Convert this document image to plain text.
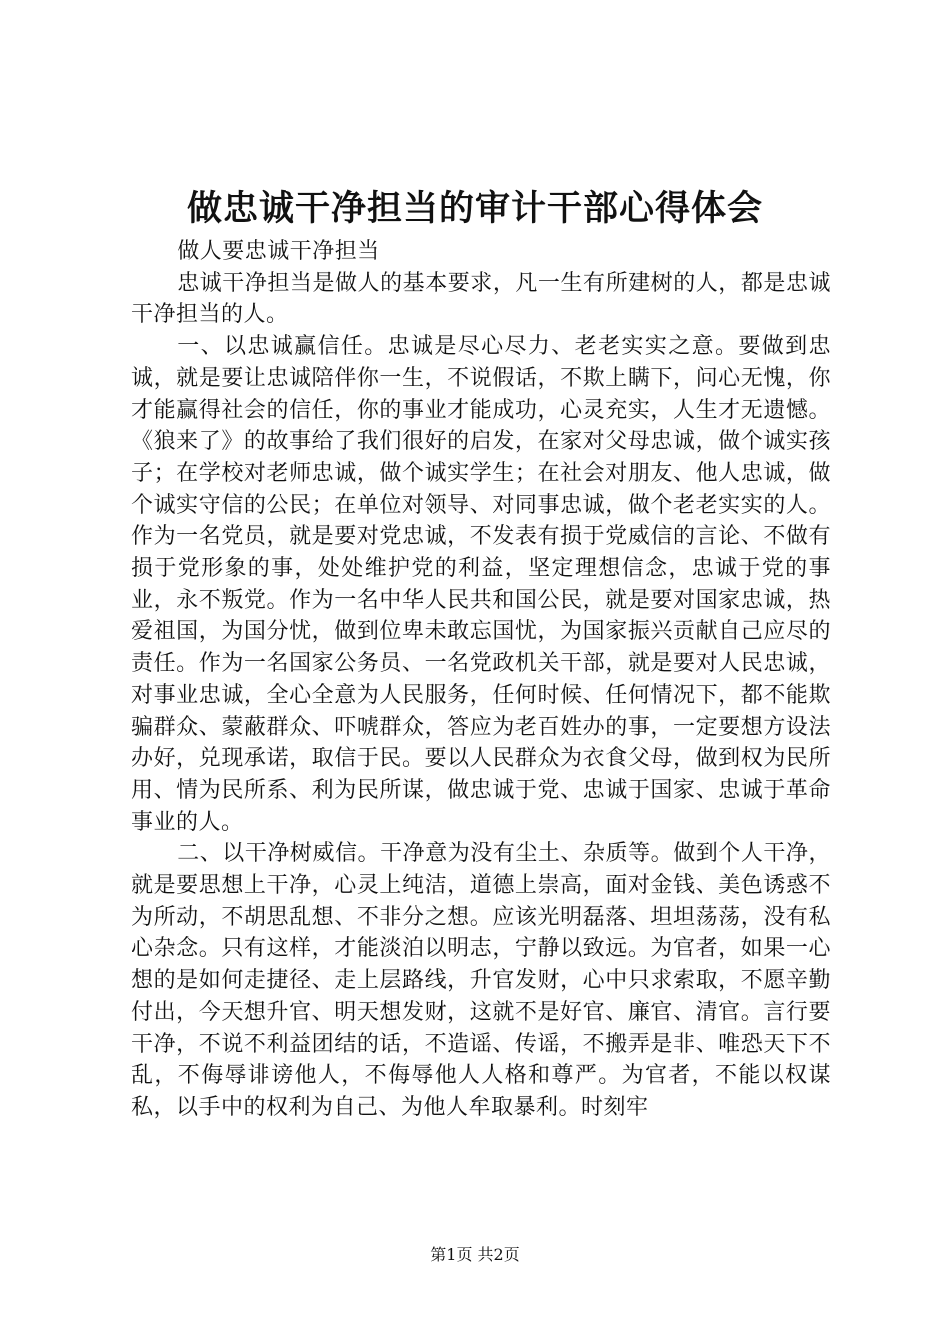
做忠诚干净担当的审计干部心得体会

做人要忠诚干净担当

忠诚干净担当是做人的基本要求，凡一生有所建树的人，都是忠诚干净担当的人。

一、以忠诚赢信任。忠诚是尽心尽力、老老实实之意。要做到忠诚，就是要让忠诚陪伴你一生，不说假话，不欺上瞒下，问心无愧，你才能赢得社会的信任，你的事业才能成功，心灵充实，人生才无遗憾。《狼来了》的故事给了我们很好的启发，在家对父母忠诚，做个诚实孩子；在学校对老师忠诚，做个诚实学生；在社会对朋友、他人忠诚，做个诚实守信的公民；在单位对领导、对同事忠诚，做个老老实实的人。作为一名党员，就是要对党忠诚，不发表有损于党威信的言论、不做有损于党形象的事，处处维护党的利益，坚定理想信念，忠诚于党的事业，永不叛党。作为一名中华人民共和国公民，就是要对国家忠诚，热爱祖国，为国分忧，做到位卑未敢忘国忧，为国家振兴贡献自己应尽的责任。作为一名国家公务员、一名党政机关干部，就是要对人民忠诚，对事业忠诚，全心全意为人民服务，任何时候、任何情况下，都不能欺骗群众、蒙蔽群众、吓唬群众，答应为老百姓办的事，一定要想方设法办好，兑现承诺，取信于民。要以人民群众为衣食父母，做到权为民所用、情为民所系、利为民所谋，做忠诚于党、忠诚于国家、忠诚于革命事业的人。

二、以干净树威信。干净意为没有尘土、杂质等。做到个人干净，就是要思想上干净，心灵上纯洁，道德上崇高，面对金钱、美色诱惑不为所动，不胡思乱想、不非分之想。应该光明磊落、坦坦荡荡，没有私心杂念。只有这样，才能淡泊以明志，宁静以致远。为官者，如果一心想的是如何走捷径、走上层路线，升官发财，心中只求索取，不愿辛勤付出，今天想升官、明天想发财，这就不是好官、廉官、清官。言行要干净，不说不利益团结的话，不造谣、传谣，不搬弄是非、唯恐天下不乱，不侮辱诽谤他人，不侮辱他人人格和尊严。为官者，不能以权谋私，以手中的权利为自己、为他人牟取暴利。时刻牢

第1页 共2页
